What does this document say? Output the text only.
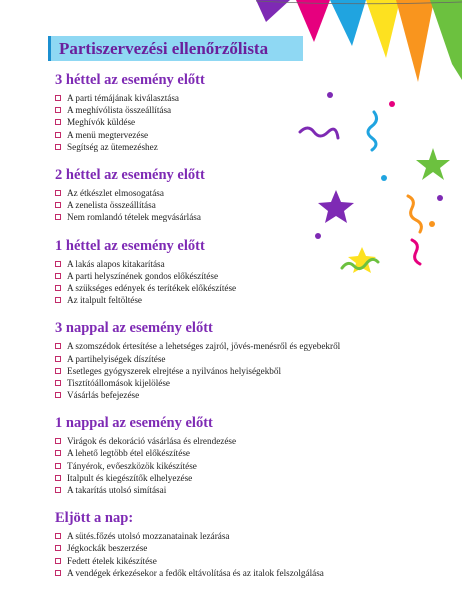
Partiszervezési ellenőrzőlista
3 héttel az esemény előtt
A parti témájának kiválasztása
A meghívólista összeállítása
Meghívók küldése
A menü megtervezése
Segítség az ütemezéshez
2 héttel az esemény előtt
Az étkészlet elmosogatása
A zenelista összeállítása
Nem romlandó tételek megvásárlása
1 héttel az esemény előtt
A lakás alapos kitakarítása
A parti helyszínének gondos előkészítése
A szükséges edények és terítékek előkészítése
Az italpult feltöltése
3 nappal az esemény előtt
A szomszédok értesítése a lehetséges zajról, jövés-menésről és egyebekről
A partihelyiségek díszítése
Esetleges gyógyszerek elrejtése a nyilvános helyiségekből
Tisztítóállomások kijelölése
Vásárlás befejezése
1 nappal az esemény előtt
Virágok és dekoráció vásárlása és elrendezése
A lehető legtöbb étel előkészítése
Tányérok, evőeszközök kikészítése
Italpult és kiegészítők elhelyezése
A takarítás utolsó simításai
Eljött a nap:
A sütés.főzés utolsó mozzanatainak lezárása
Jégkockák beszerzése
Fedett ételek kikészítése
A vendégek érkezésekor a fedők eltávolítása és az italok felszolgálása
